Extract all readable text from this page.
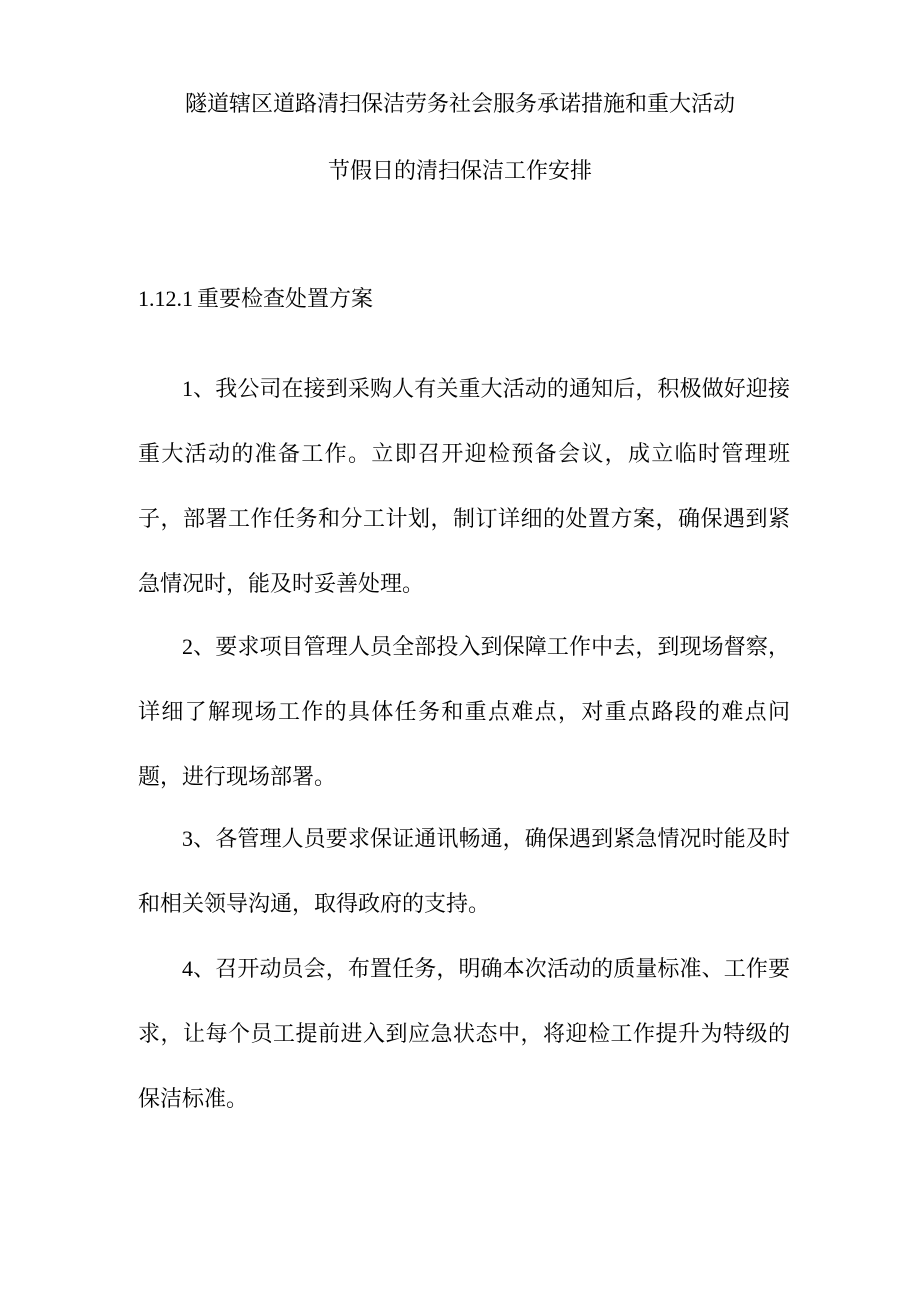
隧道辖区道路清扫保洁劳务社会服务承诺措施和重大活动
节假日的清扫保洁工作安排
1.12.1 重要检查处置方案

1、我公司在接到采购人有关重大活动的通知后，积极做好迎接重大活动的准备工作。立即召开迎检预备会议，成立临时管理班子，部署工作任务和分工计划，制订详细的处置方案，确保遇到紧急情况时，能及时妥善处理。

2、要求项目管理人员全部投入到保障工作中去，到现场督察，详细了解现场工作的具体任务和重点难点，对重点路段的难点问题，进行现场部署。

3、各管理人员要求保证通讯畅通，确保遇到紧急情况时能及时和相关领导沟通，取得政府的支持。

4、召开动员会，布置任务，明确本次活动的质量标准、工作要求，让每个员工提前进入到应急状态中，将迎检工作提升为特级的保洁标准。
